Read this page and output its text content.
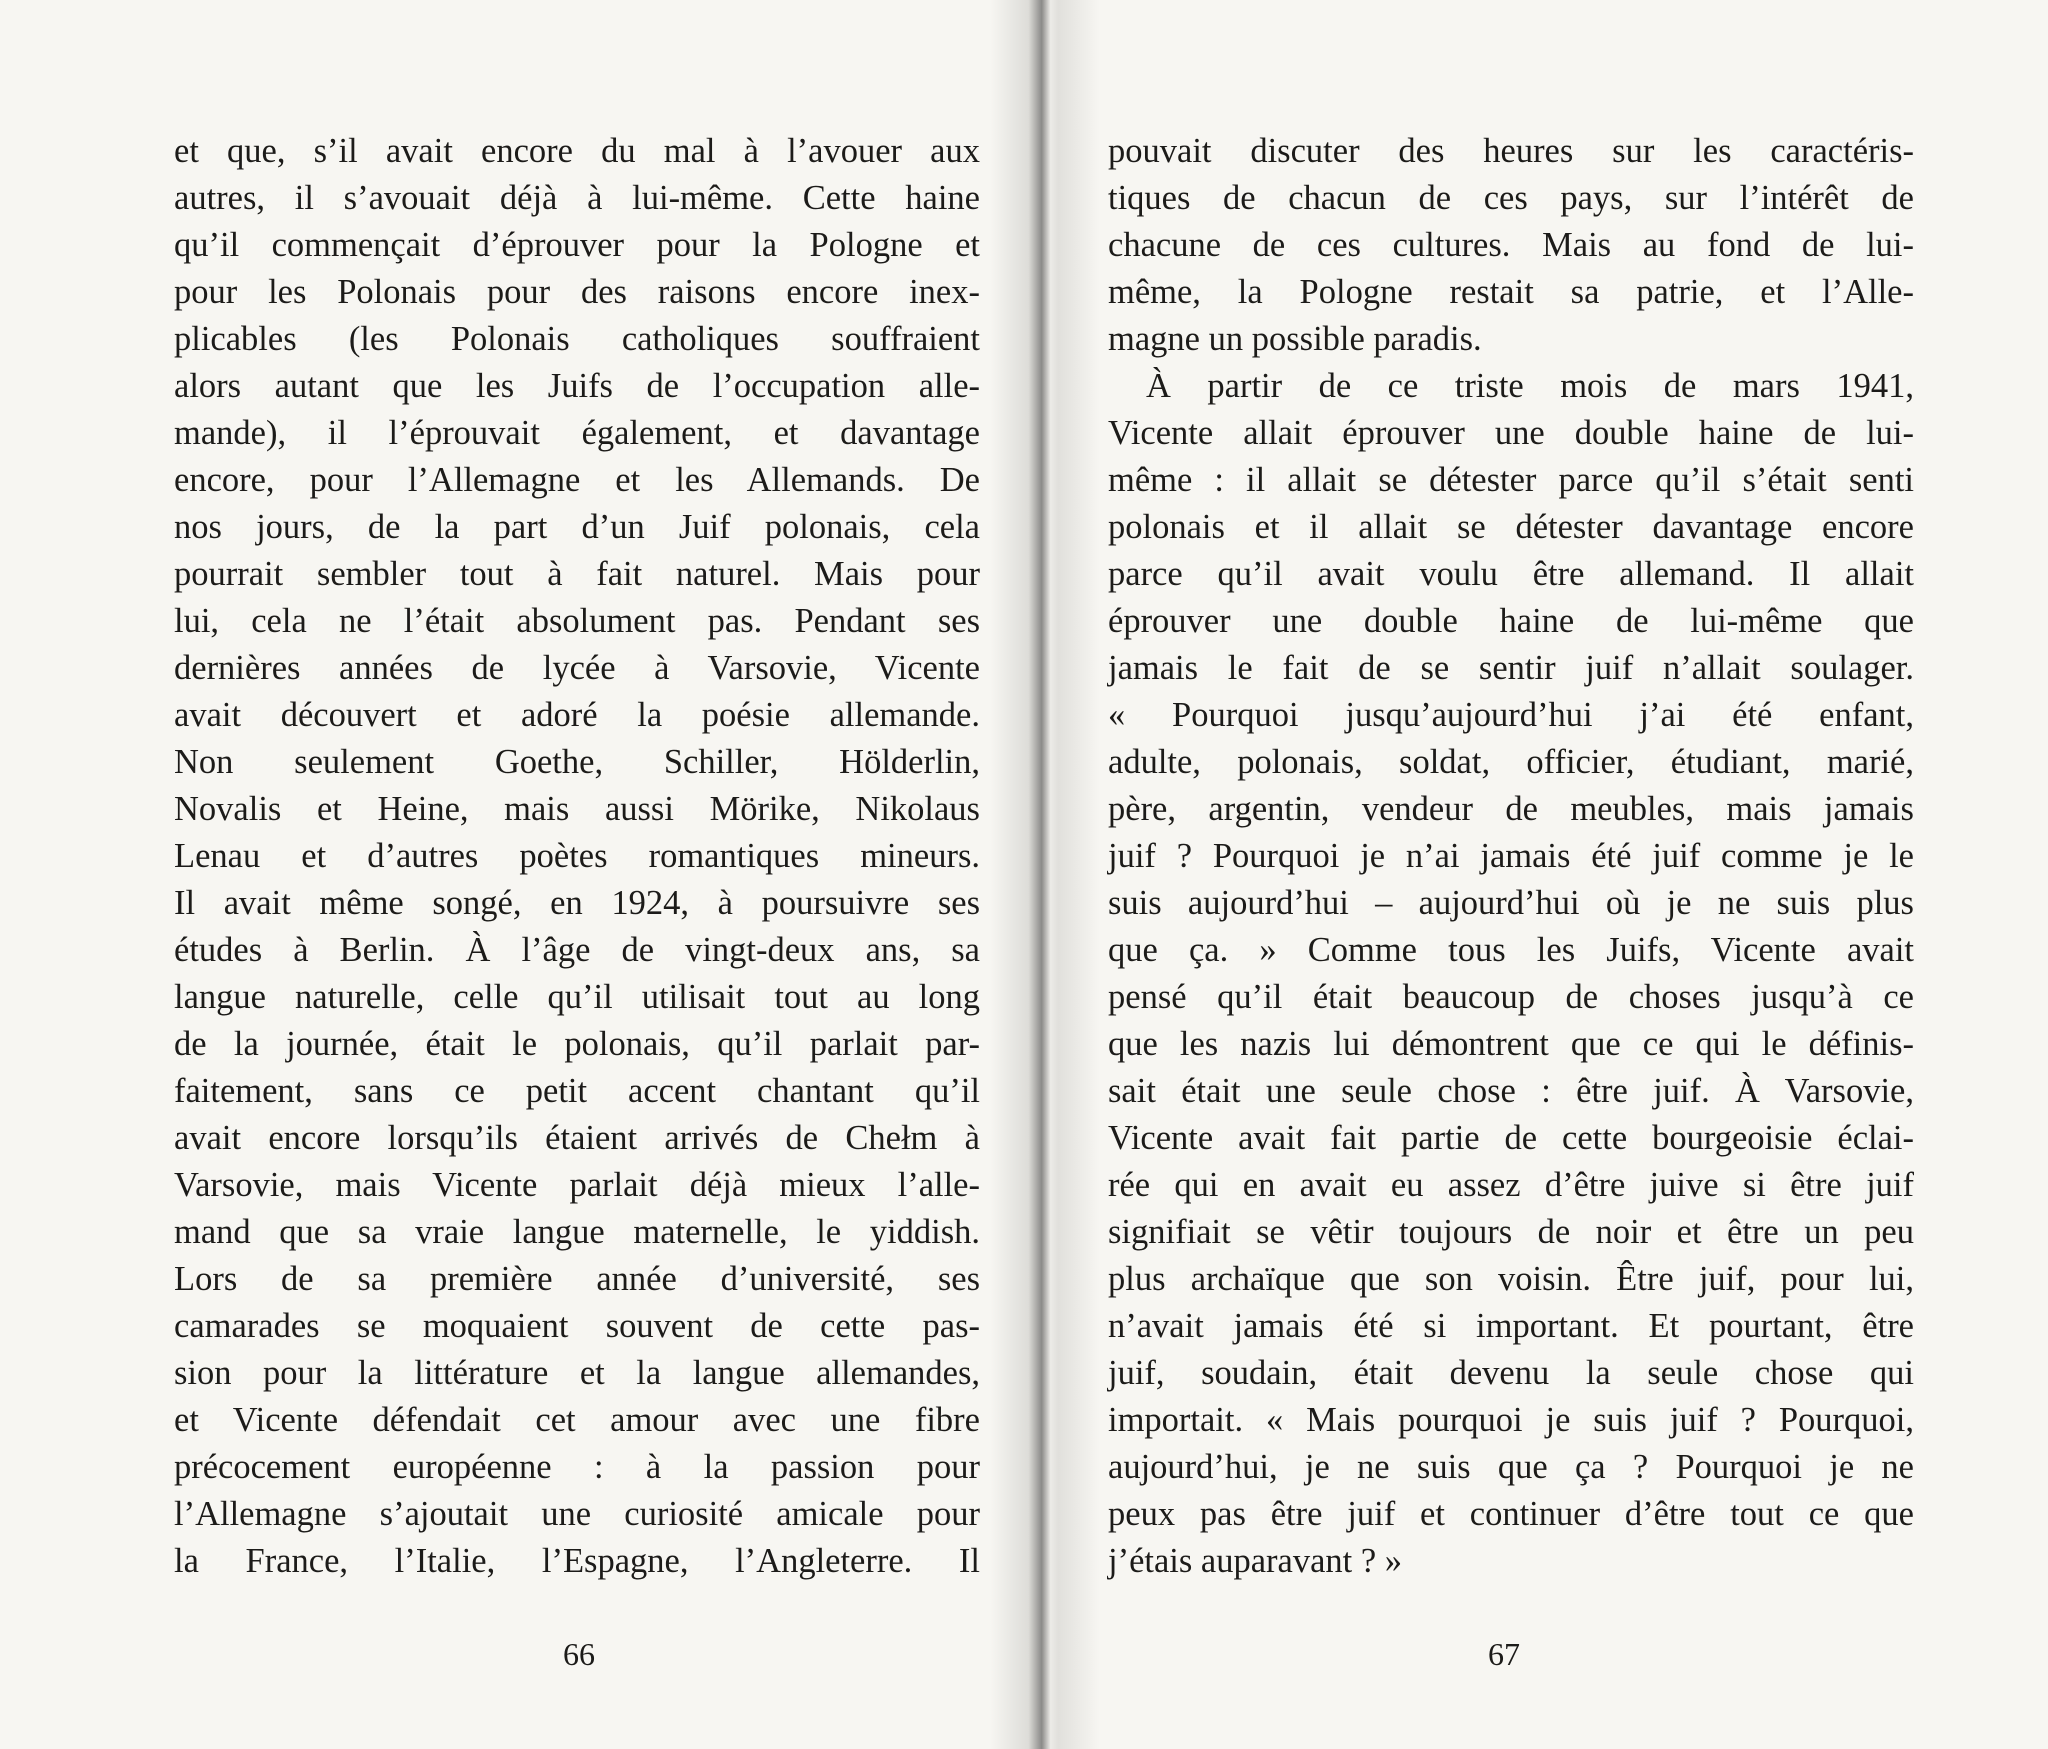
et que, s’il avait encore du mal à l’avouer aux
autres, il s’avouait déjà à lui-même. Cette haine
qu’il commençait d’éprouver pour la Pologne et
pour les Polonais pour des raisons encore inex-
plicables (les Polonais catholiques souffraient
alors autant que les Juifs de l’occupation alle-
mande), il l’éprouvait également, et davantage
encore, pour l’Allemagne et les Allemands. De
nos jours, de la part d’un Juif polonais, cela
pourrait sembler tout à fait naturel. Mais pour
lui, cela ne l’était absolument pas. Pendant ses
dernières années de lycée à Varsovie, Vicente
avait découvert et adoré la poésie allemande.
Non seulement Goethe, Schiller, Hölderlin,
Novalis et Heine, mais aussi Mörike, Nikolaus
Lenau et d’autres poètes romantiques mineurs.
Il avait même songé, en 1924, à poursuivre ses
études à Berlin. À l’âge de vingt-deux ans, sa
langue naturelle, celle qu’il utilisait tout au long
de la journée, était le polonais, qu’il parlait par-
faitement, sans ce petit accent chantant qu’il
avait encore lorsqu’ils étaient arrivés de Chełm à
Varsovie, mais Vicente parlait déjà mieux l’alle-
mand que sa vraie langue maternelle, le yiddish.
Lors de sa première année d’université, ses
camarades se moquaient souvent de cette pas-
sion pour la littérature et la langue allemandes,
et Vicente défendait cet amour avec une fibre
précocement européenne : à la passion pour
l’Allemagne s’ajoutait une curiosité amicale pour
la France, l’Italie, l’Espagne, l’Angleterre. Il
pouvait discuter des heures sur les caractéris-
tiques de chacun de ces pays, sur l’intérêt de
chacune de ces cultures. Mais au fond de lui-
même, la Pologne restait sa patrie, et l’Alle-
magne un possible paradis.
À partir de ce triste mois de mars 1941,
Vicente allait éprouver une double haine de lui-
même : il allait se détester parce qu’il s’était senti
polonais et il allait se détester davantage encore
parce qu’il avait voulu être allemand. Il allait
éprouver une double haine de lui-même que
jamais le fait de se sentir juif n’allait soulager.
« Pourquoi jusqu’aujourd’hui j’ai été enfant,
adulte, polonais, soldat, officier, étudiant, marié,
père, argentin, vendeur de meubles, mais jamais
juif ? Pourquoi je n’ai jamais été juif comme je le
suis aujourd’hui – aujourd’hui où je ne suis plus
que ça. » Comme tous les Juifs, Vicente avait
pensé qu’il était beaucoup de choses jusqu’à ce
que les nazis lui démontrent que ce qui le définis-
sait était une seule chose : être juif. À Varsovie,
Vicente avait fait partie de cette bourgeoisie éclai-
rée qui en avait eu assez d’être juive si être juif
signifiait se vêtir toujours de noir et être un peu
plus archaïque que son voisin. Être juif, pour lui,
n’avait jamais été si important. Et pourtant, être
juif, soudain, était devenu la seule chose qui
importait. « Mais pourquoi je suis juif ? Pourquoi,
aujourd’hui, je ne suis que ça ? Pourquoi je ne
peux pas être juif et continuer d’être tout ce que
j’étais auparavant ? »
66	67
